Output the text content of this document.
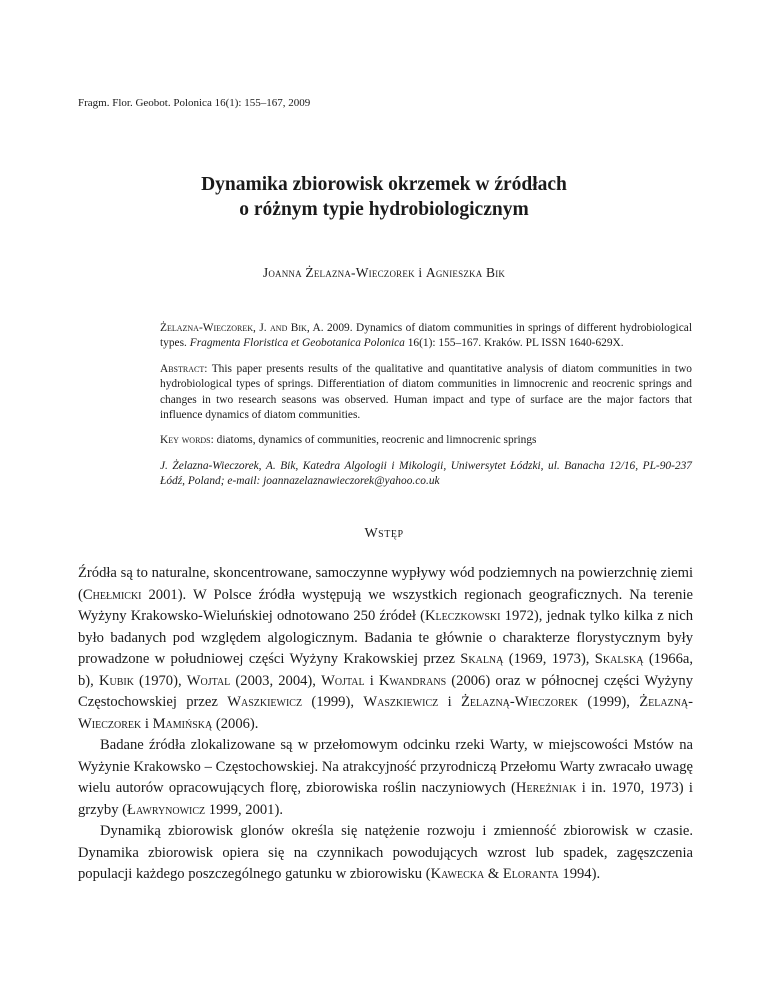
Fragm. Flor. Geobot. Polonica 16(1): 155–167, 2009
Dynamika zbiorowisk okrzemek w źródłach
o różnym typie hydrobiologicznym
Joanna Żelazna-Wieczorek i Agnieszka Bik

Żelazna-Wieczorek, J. and Bik, A. 2009. Dynamics of diatom communities in springs of different hydrobiological types. Fragmenta Floristica et Geobotanica Polonica 16(1): 155–167. Kraków. PL ISSN 1640-629X.

Abstract: This paper presents results of the qualitative and quantitative analysis of diatom communities in two hydrobiological types of springs. Differentiation of diatom communities in limnocrenic and reocrenic springs and changes in two research seasons was observed. Human impact and type of surface are the major factors that influence dynamics of diatom communities.

Key words: diatoms, dynamics of communities, reocrenic and limnocrenic springs

J. Żelazna-Wieczorek, A. Bik, Katedra Algologii i Mikologii, Uniwersytet Łódzki, ul. Banacha 12/16, PL-90-237 Łódź, Poland; e-mail: joannazelaznawieczorek@yahoo.co.uk

Wstęp

Źródła są to naturalne, skoncentrowane, samoczynne wypływy wód podziemnych na powierzchnię ziemi (Chełmicki 2001). W Polsce źródła występują we wszystkich regionach geograficznych. Na terenie Wyżyny Krakowsko-Wieluńskiej odnotowano 250 źródeł (Kleczkowski 1972), jednak tylko kilka z nich było badanych pod względem algologicznym. Badania te głównie o charakterze florystycznym były prowadzone w południowej części Wyżyny Krakowskiej przez Skalną (1969, 1973), Skalską (1966a, b), Kubik (1970), Wojtal (2003, 2004), Wojtal i Kwandrans (2006) oraz w północnej części Wyżyny Częstochowskiej przez Waszkiewicz (1999), Waszkiewicz i Żelazną-Wieczorek (1999), Żelazną-Wieczorek i Mamińską (2006).

Badane źródła zlokalizowane są w przełomowym odcinku rzeki Warty, w miejscowości Mstów na Wyżynie Krakowsko – Częstochowskiej. Na atrakcyjność przyrodniczą Przełomu Warty zwracało uwagę wielu autorów opracowujących florę, zbiorowiska roślin naczyniowych (Hereźniak i in. 1970, 1973) i grzyby (Ławrynowicz 1999, 2001).

Dynamiką zbiorowisk glonów określa się natężenie rozwoju i zmienność zbiorowisk w czasie. Dynamika zbiorowisk opiera się na czynnikach powodujących wzrost lub spadek, zagęszczenia populacji każdego poszczególnego gatunku w zbiorowisku (Kawecka & Eloranta 1994).
